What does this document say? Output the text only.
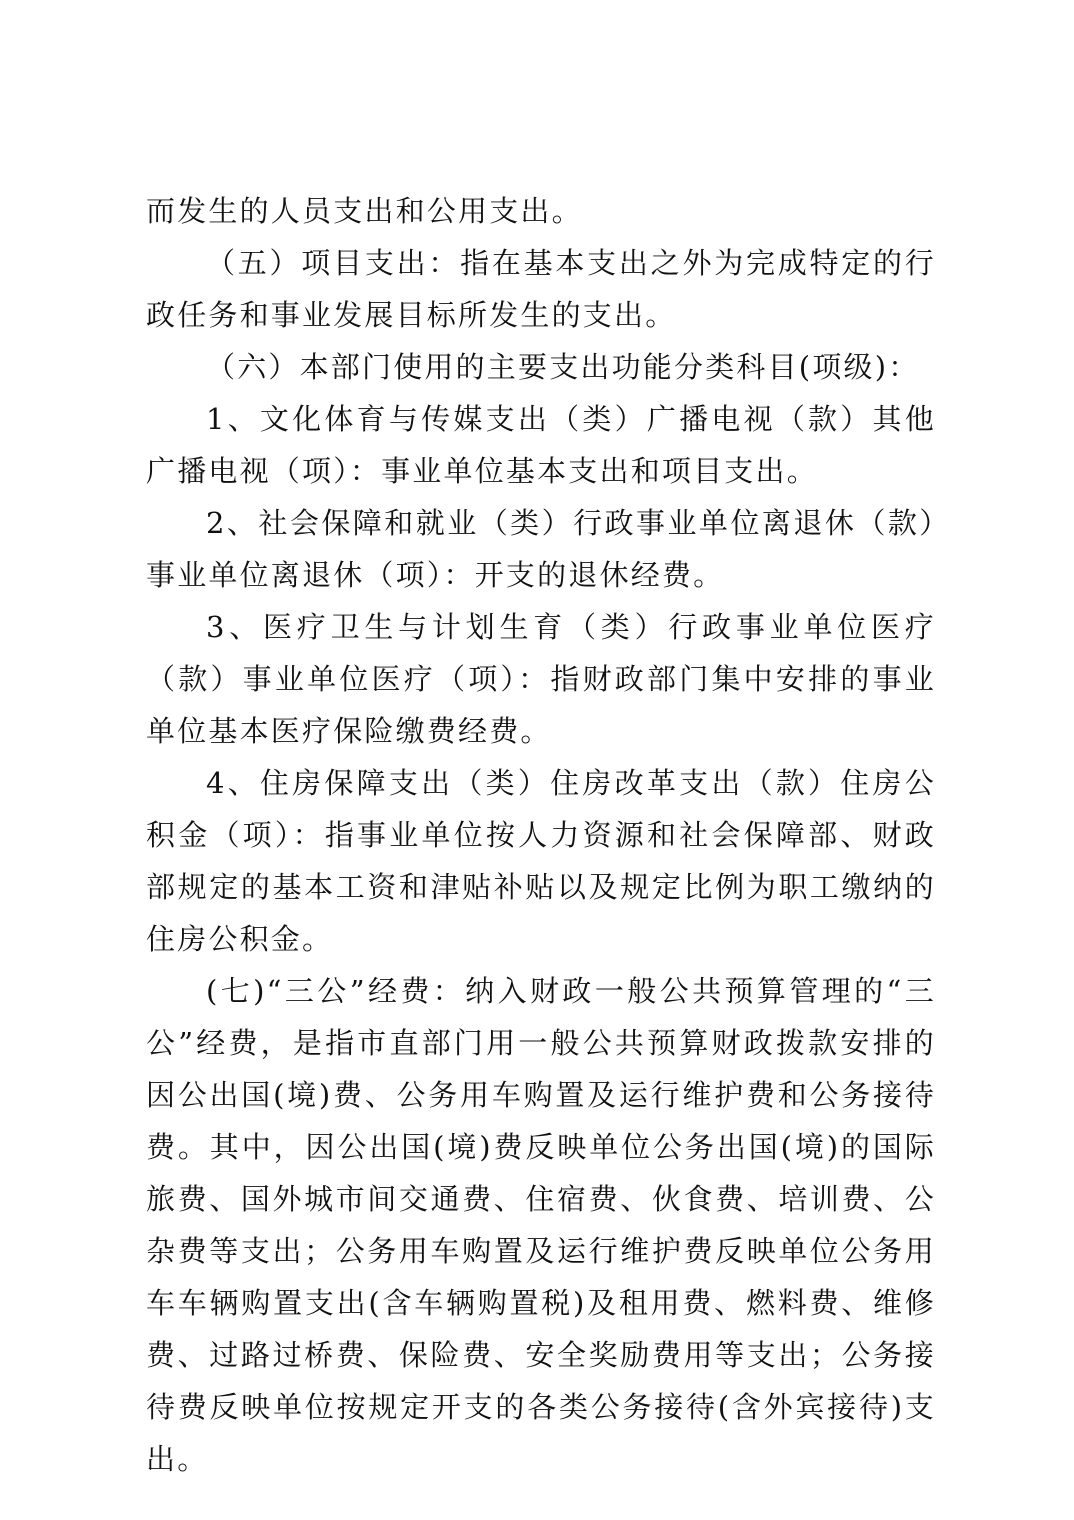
而发生的人员支出和公用支出。

（五）项目支出：指在基本支出之外为完成特定的行政任务和事业发展目标所发生的支出。

（六）本部门使用的主要支出功能分类科目(项级)：

1、文化体育与传媒支出（类）广播电视（款）其他广播电视（项）：事业单位基本支出和项目支出。

2、社会保障和就业（类）行政事业单位离退休（款）事业单位离退休（项）：开支的退休经费。

3、医疗卫生与计划生育（类）行政事业单位医疗（款）事业单位医疗（项）：指财政部门集中安排的事业单位基本医疗保险缴费经费。

4、住房保障支出（类）住房改革支出（款）住房公积金（项）：指事业单位按人力资源和社会保障部、财政部规定的基本工资和津贴补贴以及规定比例为职工缴纳的住房公积金。

(七)“三公”经费：纳入财政一般公共预算管理的“三公”经费，是指市直部门用一般公共预算财政拨款安排的因公出国(境)费、公务用车购置及运行维护费和公务接待费。其中，因公出国(境)费反映单位公务出国(境)的国际旅费、国外城市间交通费、住宿费、伙食费、培训费、公杂费等支出；公务用车购置及运行维护费反映单位公务用车车辆购置支出(含车辆购置税)及租用费、燃料费、维修费、过路过桥费、保险费、安全奖励费用等支出；公务接待费反映单位按规定开支的各类公务接待(含外宾接待)支出。
